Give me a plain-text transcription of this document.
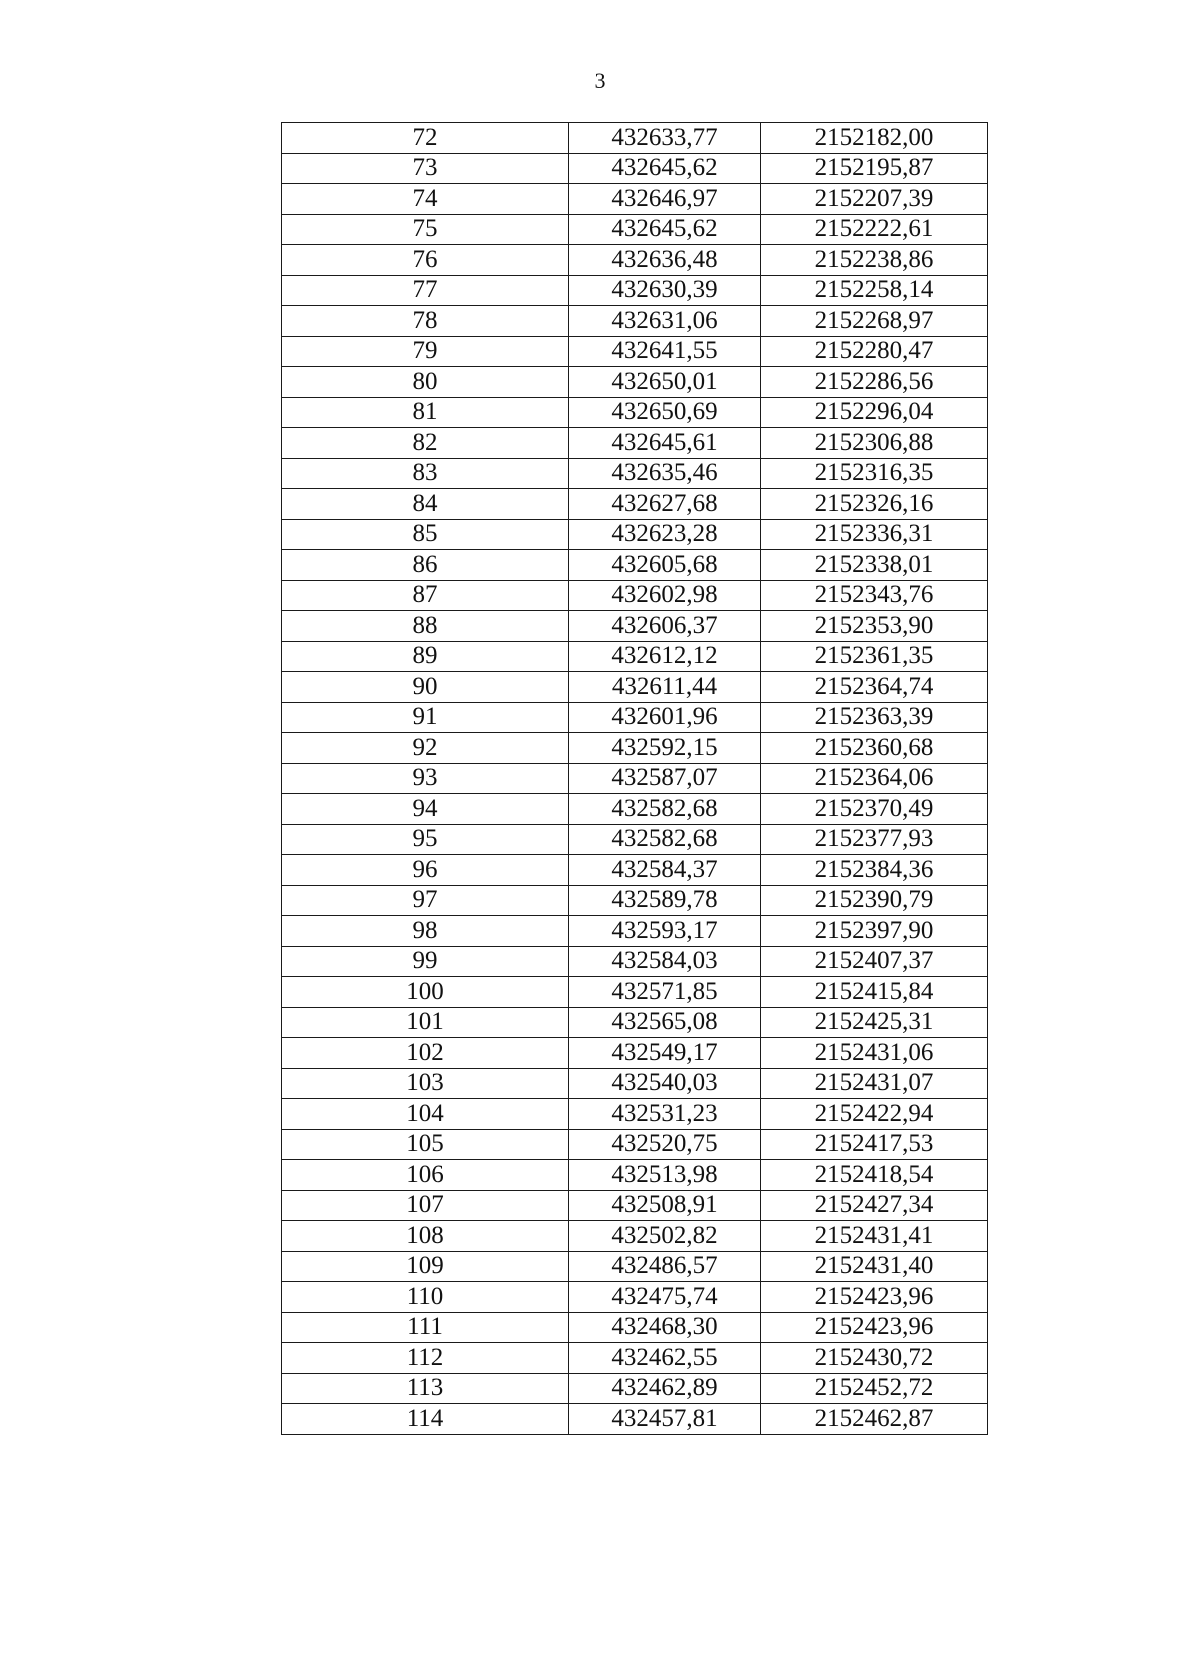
3
72	432633,77	2152182,00
73	432645,62	2152195,87
74	432646,97	2152207,39
75	432645,62	2152222,61
76	432636,48	2152238,86
77	432630,39	2152258,14
78	432631,06	2152268,97
79	432641,55	2152280,47
80	432650,01	2152286,56
81	432650,69	2152296,04
82	432645,61	2152306,88
83	432635,46	2152316,35
84	432627,68	2152326,16
85	432623,28	2152336,31
86	432605,68	2152338,01
87	432602,98	2152343,76
88	432606,37	2152353,90
89	432612,12	2152361,35
90	432611,44	2152364,74
91	432601,96	2152363,39
92	432592,15	2152360,68
93	432587,07	2152364,06
94	432582,68	2152370,49
95	432582,68	2152377,93
96	432584,37	2152384,36
97	432589,78	2152390,79
98	432593,17	2152397,90
99	432584,03	2152407,37
100	432571,85	2152415,84
101	432565,08	2152425,31
102	432549,17	2152431,06
103	432540,03	2152431,07
104	432531,23	2152422,94
105	432520,75	2152417,53
106	432513,98	2152418,54
107	432508,91	2152427,34
108	432502,82	2152431,41
109	432486,57	2152431,40
110	432475,74	2152423,96
111	432468,30	2152423,96
112	432462,55	2152430,72
113	432462,89	2152452,72
114	432457,81	2152462,87
